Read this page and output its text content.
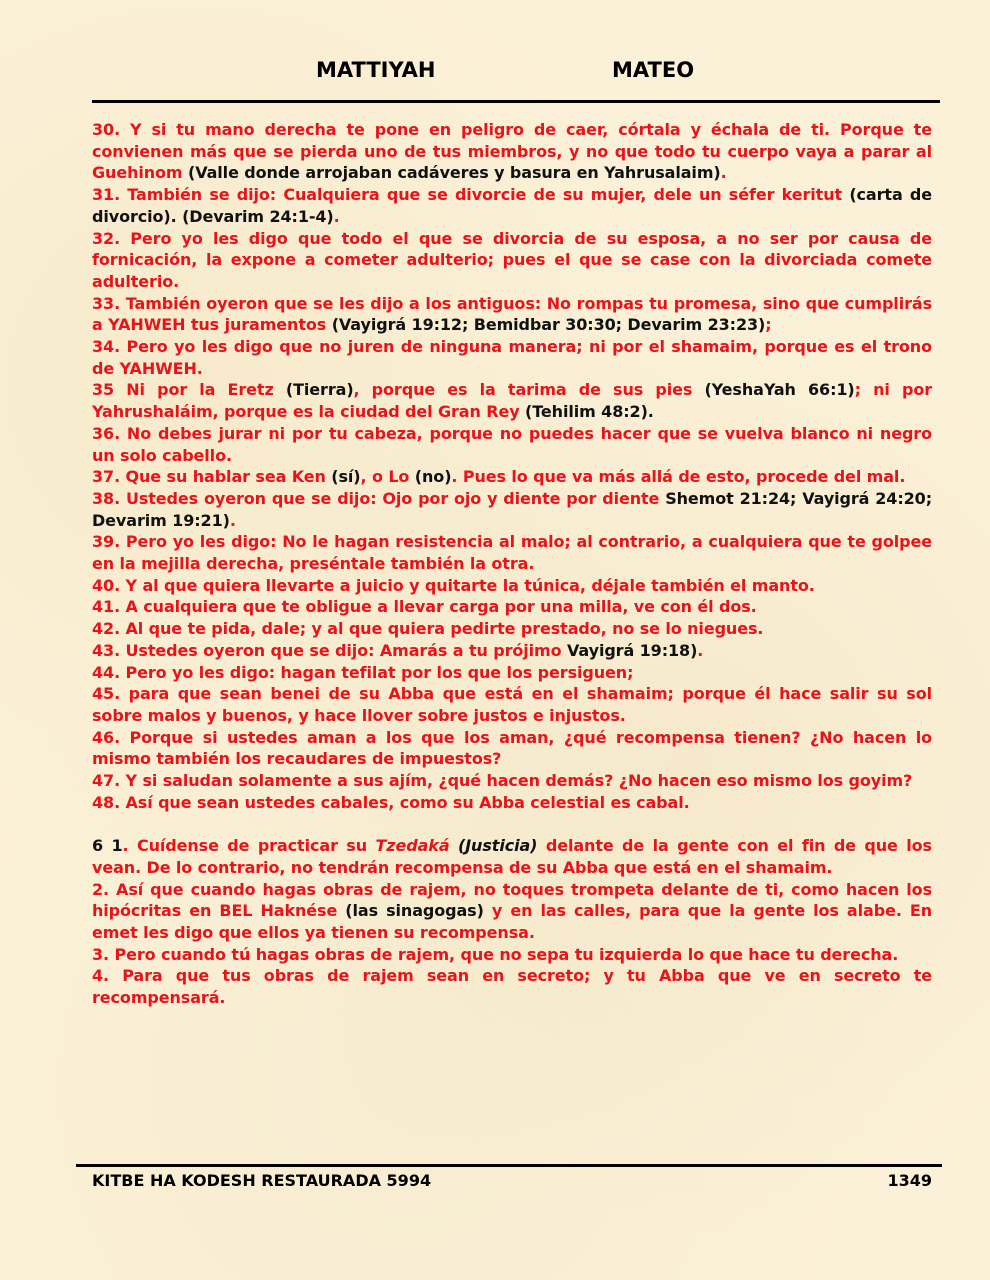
MATTIYAH	MATEO

30. Y si tu mano derecha te pone en peligro de caer, córtala y échala de ti. Porque te convienen más que se pierda uno de tus miembros, y no que todo tu cuerpo vaya a parar al Guehinom (Valle donde arrojaban cadáveres y basura en Yahrusalaim).

31. También se dijo: Cualquiera que se divorcie de su mujer, dele un séfer keritut (carta de divorcio). (Devarim 24:1-4).

32. Pero yo les digo que todo el que se divorcia de su esposa, a no ser por causa de fornicación, la expone a cometer adulterio; pues el que se case con la divorciada comete adulterio.

33. También oyeron que se les dijo a los antiguos: No rompas tu promesa, sino que cumplirás a YAHWEH tus juramentos (Vayigrá 19:12; Bemidbar 30:30; Devarim 23:23);

34. Pero yo les digo que no juren de ninguna manera; ni por el shamaim, porque es el trono de YAHWEH.

35 Ni por la Eretz (Tierra), porque es la tarima de sus pies (YeshaYah 66:1); ni por Yahrushaláim, porque es la ciudad del Gran Rey (Tehilim 48:2).

36. No debes jurar ni por tu cabeza, porque no puedes hacer que se vuelva blanco ni negro un solo cabello.

37. Que su hablar sea Ken (sí), o Lo (no). Pues lo que va más allá de esto, procede del mal.

38. Ustedes oyeron que se dijo: Ojo por ojo y diente por diente Shemot 21:24; Vayigrá 24:20; Devarim 19:21).

39. Pero yo les digo: No le hagan resistencia al malo; al contrario, a cualquiera que te golpee en la mejilla derecha, preséntale también la otra.

40. Y al que quiera llevarte a juicio y quitarte la túnica, déjale también el manto.

41. A cualquiera que te obligue a llevar carga por una milla, ve con él dos.

42. Al que te pida, dale; y al que quiera pedirte prestado, no se lo niegues.

43. Ustedes oyeron que se dijo: Amarás a tu prójimo Vayigrá 19:18).

44. Pero yo les digo: hagan tefilat por los que los persiguen;

45. para que sean benei de su Abba que está en el shamaim; porque él hace salir su sol sobre malos y buenos, y hace llover sobre justos e injustos.

46. Porque si ustedes aman a los que los aman, ¿qué recompensa tienen? ¿No hacen lo mismo también los recaudares de impuestos?

47. Y si saludan solamente a sus ajím, ¿qué hacen demás? ¿No hacen eso mismo los goyim?

48. Así que sean ustedes cabales, como su Abba celestial es cabal.

6 1. Cuídense de practicar su Tzedaká (Justicia) delante de la gente con el fin de que los vean. De lo contrario, no tendrán recompensa de su Abba que está en el shamaim.

2. Así que cuando hagas obras de rajem, no toques trompeta delante de ti, como hacen los hipócritas en BEL Haknése (las sinagogas) y en las calles, para que la gente los alabe. En emet les digo que ellos ya tienen su recompensa.

3. Pero cuando tú hagas obras de rajem, que no sepa tu izquierda lo que hace tu derecha.

4. Para que tus obras de rajem sean en secreto; y tu Abba que ve en secreto te recompensará.

KITBE HA KODESH RESTAURADA 5994	1349
